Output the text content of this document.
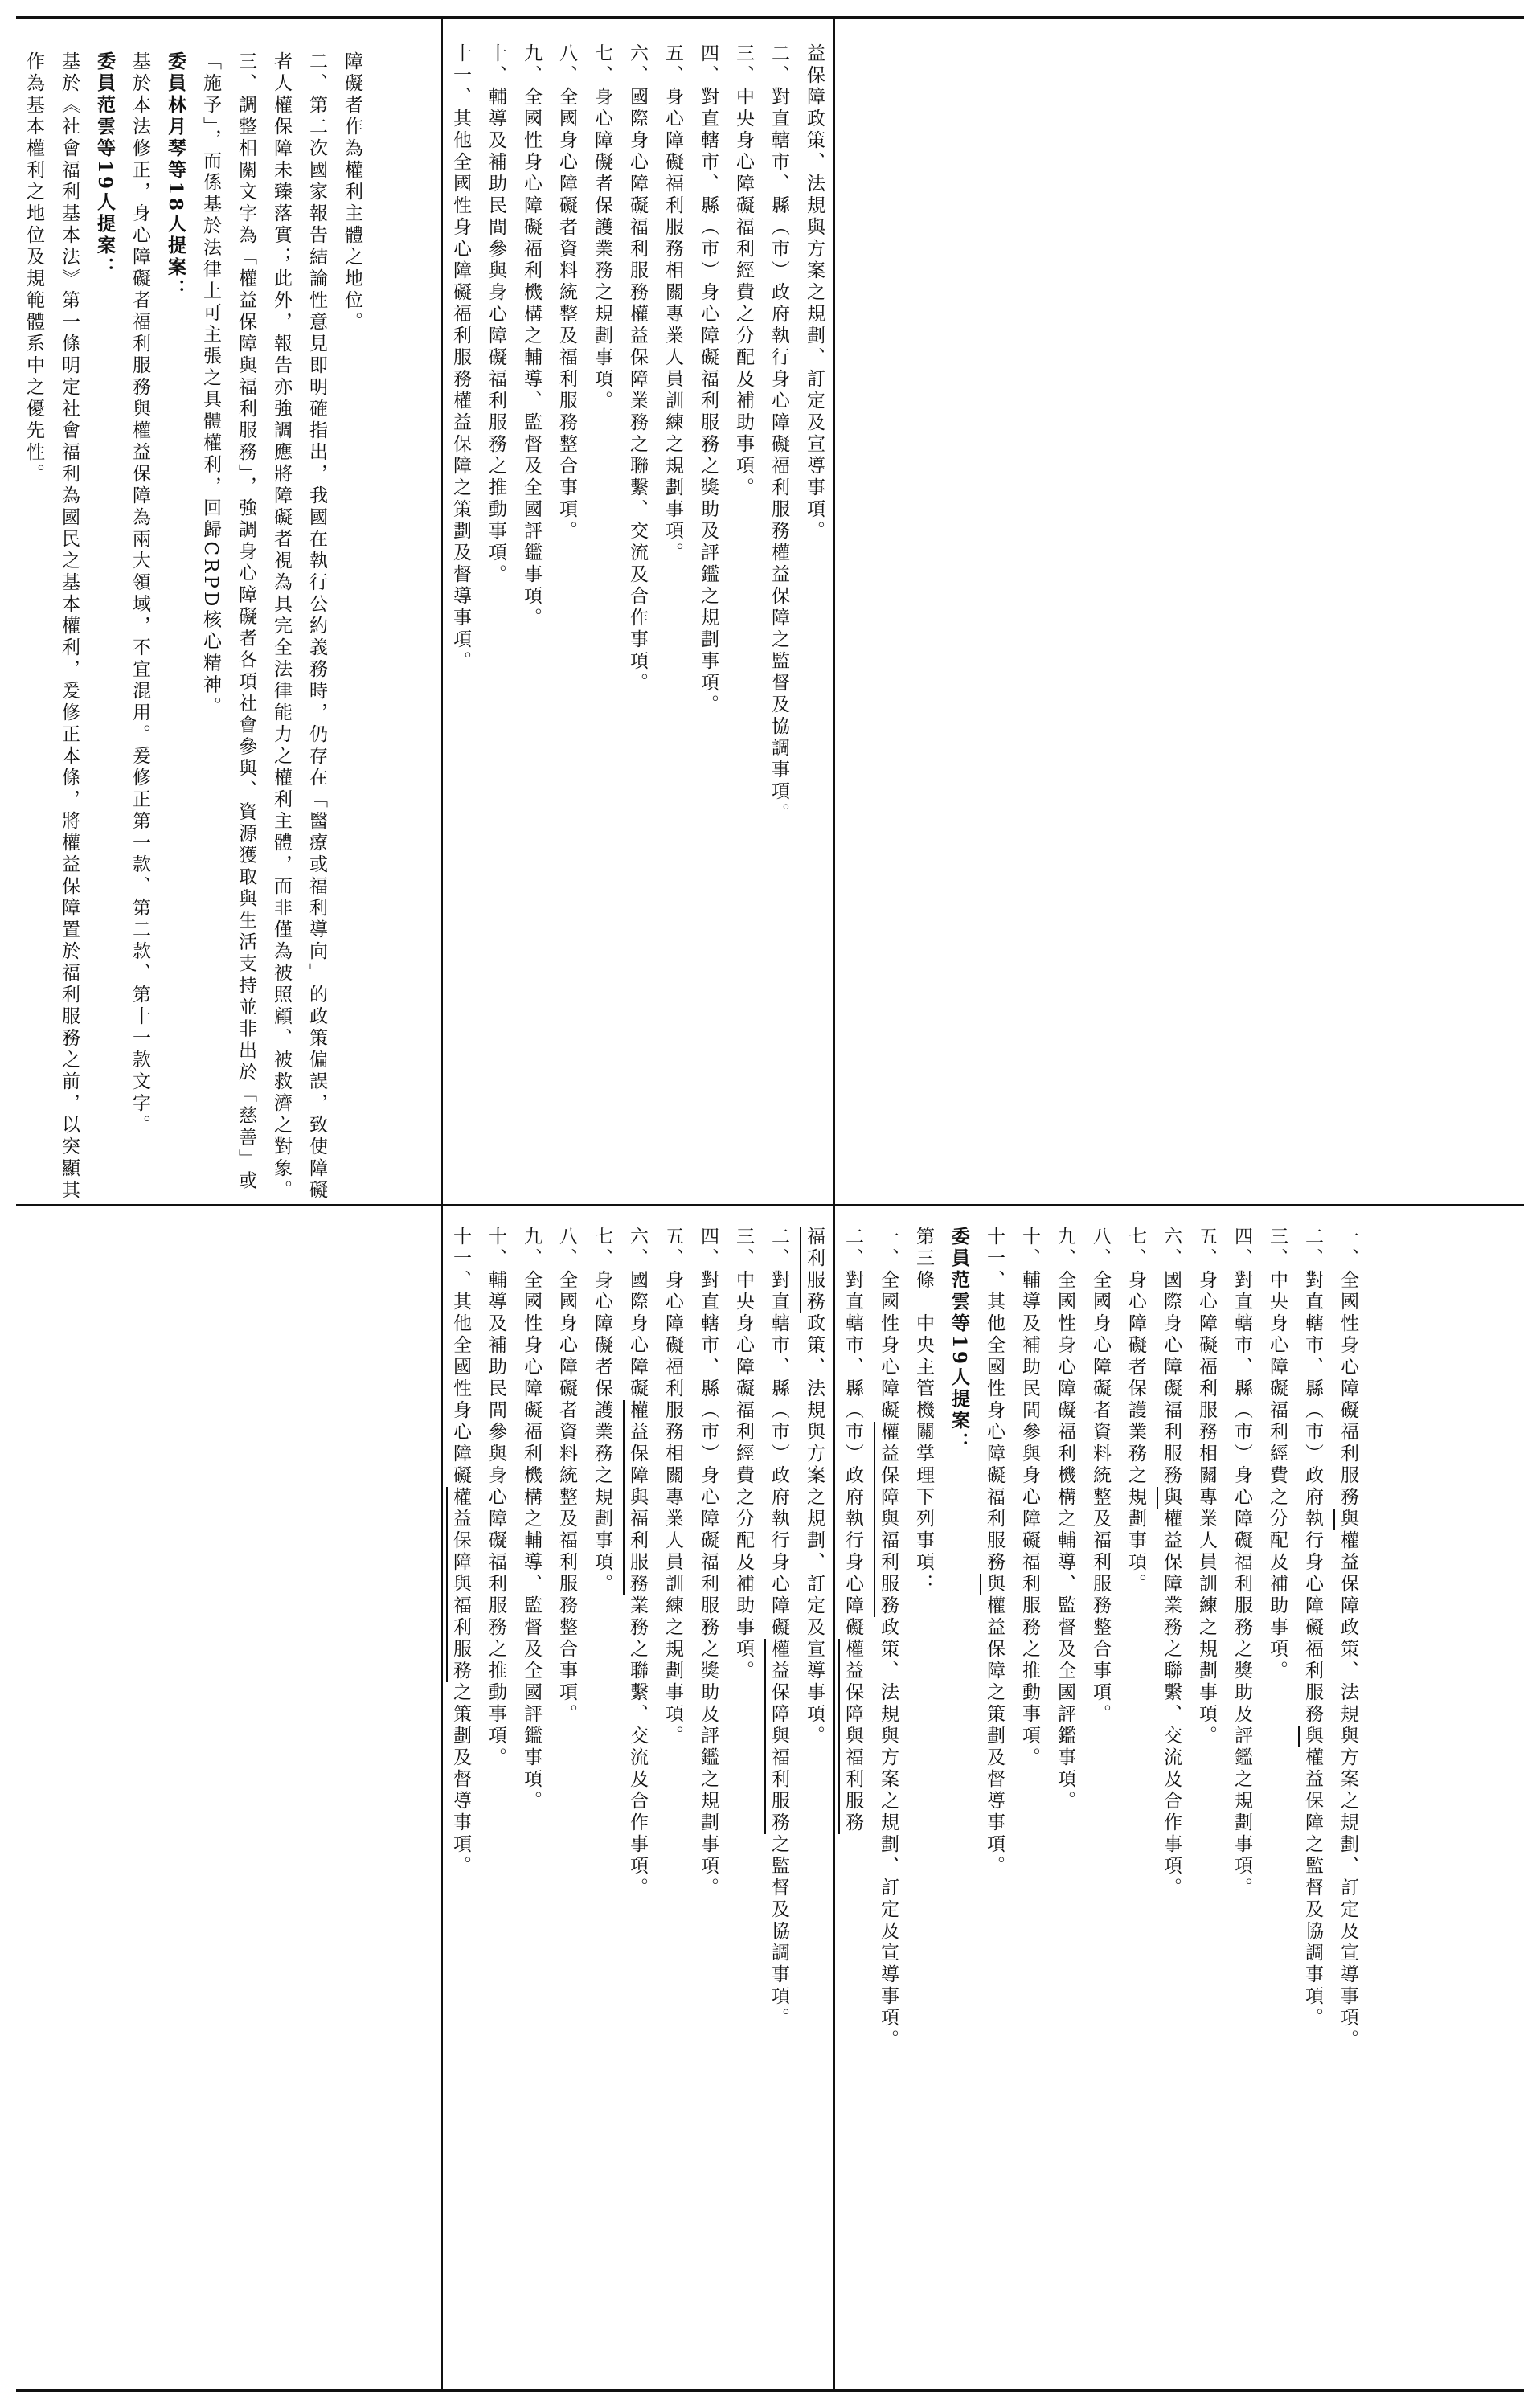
障礙者作為權利主體之地位。
二、第二次國家報告結論性意見即明確指出，我國在執行公約義務時，仍存在「醫療或福利導向」的政策偏誤，致使障礙者人權保障未臻落實；此外，報告亦強調應將障礙者視為具完全法律能力之權利主體，而非僅為被照顧、被救濟之對象。
三、調整相關文字為「權益保障與福利服務」，強調身心障礙者各項社會參與、資源獲取與生活支持並非出於「慈善」或「施予」，而係基於法律上可主張之具體權利，回歸CRPD核心精神。
委員林月琴等18人提案：
基於本法修正，身心障礙者福利服務與權益保障為兩大領域，不宜混用。爰修正第一款、第二款、第十一款文字。
委員范雲等19人提案：
基於《社會福利基本法》第一條明定社會福利為國民之基本權利，爰修正本條，將權益保障置於福利服務之前，以突顯其作為基本權利之地位及規範體系中之優先性。	益保障政策、法規與方案之規劃、訂定及宣導事項。
二、對直轄市、縣（市）政府執行身心障礙福利服務權益保障之監督及協調事項。
三、中央身心障礙福利經費之分配及補助事項。
四、對直轄市、縣（市）身心障礙福利服務之獎助及評鑑之規劃事項。
五、身心障礙福利服務相關專業人員訓練之規劃事項。
六、國際身心障礙福利服務權益保障業務之聯繫、交流及合作事項。
七、身心障礙者保護業務之規劃事項。
八、全國身心障礙者資料統整及福利服務整合事項。
九、全國性身心障礙福利機構之輔導、監督及全國評鑑事項。
十、輔導及補助民間參與身心障礙福利服務之推動事項。
十一、其他全國性身心障礙福利服務權益保障之策劃及督導事項。
福利服務政策、法規與方案之規劃、訂定及宣導事項。
二、對直轄市、縣（市）政府執行身心障礙權益保障與福利服務之監督及協調事項。
三、中央身心障礙福利經費之分配及補助事項。
四、對直轄市、縣（市）身心障礙福利服務之獎助及評鑑之規劃事項。
五、身心障礙福利服務相關專業人員訓練之規劃事項。
六、國際身心障礙權益保障與福利服務業務之聯繫、交流及合作事項。
七、身心障礙者保護業務之規劃事項。
八、全國身心障礙者資料統整及福利服務整合事項。
九、全國性身心障礙福利機構之輔導、監督及全國評鑑事項。
十、輔導及補助民間參與身心障礙福利服務之推動事項。
十一、其他全國性身心障礙權益保障與福利服務之策劃及督導事項。
一、全國性身心障礙福利服務與權益保障政策、法規與方案之規劃、訂定及宣導事項。
二、對直轄市、縣（市）政府執行身心障礙福利服務與權益保障之監督及協調事項。
三、中央身心障礙福利經費之分配及補助事項。
四、對直轄市、縣（市）身心障礙福利服務之獎助及評鑑之規劃事項。
五、身心障礙福利服務相關專業人員訓練之規劃事項。
六、國際身心障礙福利服務與權益保障業務之聯繫、交流及合作事項。
七、身心障礙者保護業務之規劃事項。
八、全國身心障礙者資料統整及福利服務整合事項。
九、全國性身心障礙福利機構之輔導、監督及全國評鑑事項。
十、輔導及補助民間參與身心障礙福利服務之推動事項。
十一、其他全國性身心障礙福利服務與權益保障之策劃及督導事項。
委員范雲等19人提案：
第三條　中央主管機關掌理下列事項：
一、全國性身心障礙權益保障與福利服務政策、法規與方案之規劃、訂定及宣導事項。
二、對直轄市、縣（市）政府執行身心障礙權益保障與福利服務
